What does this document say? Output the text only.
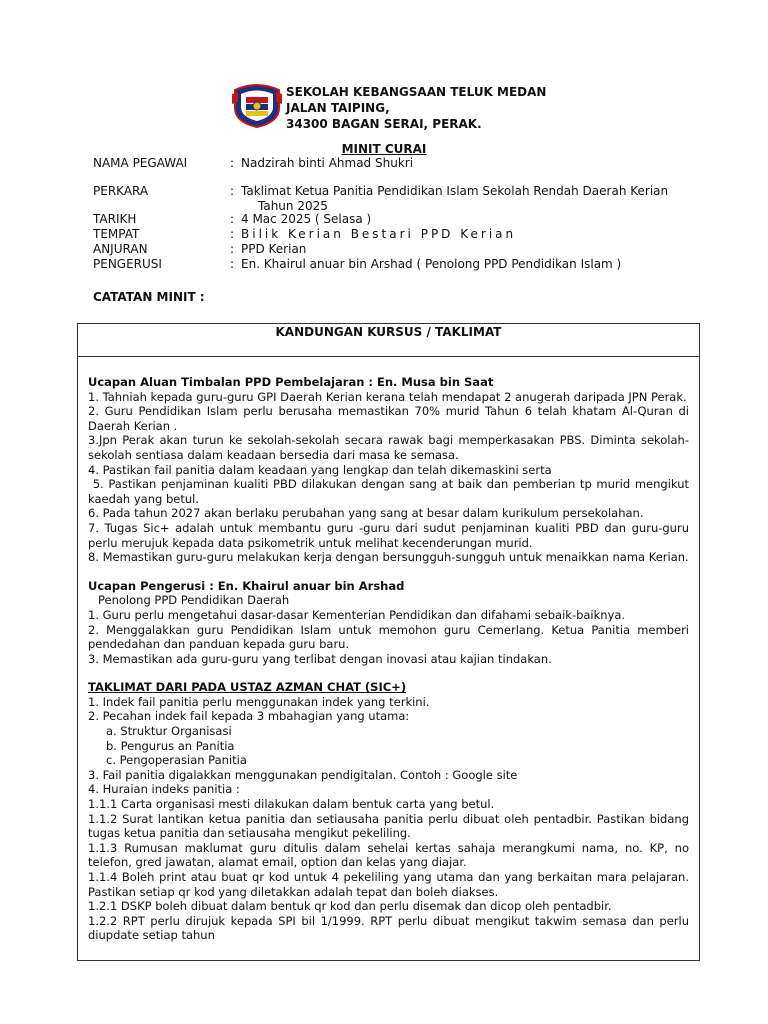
SEKOLAH KEBANGSAAN TELUK MEDAN
JALAN TAIPING,
34300 BAGAN SERAI, PERAK.
MINIT CURAI
NAMA PEGAWAI	: Nadzirah binti Ahmad Shukri
PERKARA	: Taklimat Ketua Panitia Pendidikan Islam Sekolah Rendah Daerah Kerian
Tahun 2025
TARIKH	: 4 Mac 2025 ( Selasa )
TEMPAT	: Bilik Kerian Bestari PPD Kerian
ANJURAN	: PPD Kerian
PENGERUSI	: En. Khairul anuar bin Arshad ( Penolong PPD Pendidikan Islam )
CATATAN MINIT :
KANDUNGAN KURSUS / TAKLIMAT

Ucapan Aluan Timbalan PPD Pembelajaran : En. Musa bin Saat

1. Tahniah kepada guru-guru GPI Daerah Kerian kerana telah mendapat 2 anugerah daripada JPN Perak.

2. Guru Pendidikan Islam perlu berusaha memastikan 70% murid Tahun 6 telah khatam Al-Quran di Daerah Kerian .

3.Jpn Perak akan turun ke sekolah-sekolah secara rawak bagi memperkasakan PBS. Diminta sekolah-sekolah sentiasa dalam keadaan bersedia dari masa ke semasa.

4. Pastikan fail panitia dalam keadaan yang lengkap dan telah dikemaskini serta

5. Pastikan penjaminan kualiti PBD dilakukan dengan sang at baik dan pemberian tp murid mengikut kaedah yang betul.

6. Pada tahun 2027 akan berlaku perubahan yang sang at besar dalam kurikulum persekolahan.

7. Tugas Sic+ adalah untuk membantu guru -guru dari sudut penjaminan kualiti PBD dan guru-guru perlu merujuk kepada data psikometrik untuk melihat kecenderungan murid.

8. Memastikan guru-guru melakukan kerja dengan bersungguh-sungguh untuk menaikkan nama Kerian.

Ucapan Pengerusi : En. Khairul anuar bin Arshad

Penolong PPD Pendidikan Daerah

1. Guru perlu mengetahui dasar-dasar Kementerian Pendidikan dan difahami sebaik-baiknya.

2. Menggalakkan guru Pendidikan Islam untuk memohon guru Cemerlang. Ketua Panitia memberi pendedahan dan panduan kepada guru baru.

3. Memastikan ada guru-guru yang terlibat dengan inovasi atau kajian tindakan.

TAKLIMAT DARI PADA USTAZ AZMAN CHAT (SIC+)

1. Indek fail panitia perlu menggunakan indek yang terkini.

2. Pecahan indek fail kepada 3 mbahagian yang utama:

a. Struktur Organisasi

b. Pengurus an Panitia

c. Pengoperasian Panitia

3. Fail panitia digalakkan menggunakan pendigitalan. Contoh : Google site

4. Huraian indeks panitia :

1.1.1 Carta organisasi mesti dilakukan dalam bentuk carta yang betul.

1.1.2 Surat lantikan ketua panitia dan setiausaha panitia perlu dibuat oleh pentadbir. Pastikan bidang tugas ketua panitia dan setiausaha mengikut pekeliling.

1.1.3 Rumusan maklumat guru ditulis dalam sehelai kertas sahaja merangkumi nama, no. KP, no telefon, gred jawatan, alamat email, option dan kelas yang diajar.

1.1.4 Boleh print atau buat qr kod untuk 4 pekeliling yang utama dan yang berkaitan mara pelajaran. Pastikan setiap qr kod yang diletakkan adalah tepat dan boleh diakses.

1.2.1 DSKP boleh dibuat dalam bentuk qr kod dan perlu disemak dan dicop oleh pentadbir.

1.2.2 RPT perlu dirujuk kepada SPI bil 1/1999. RPT perlu dibuat mengikut takwim semasa dan perlu diupdate setiap tahun
